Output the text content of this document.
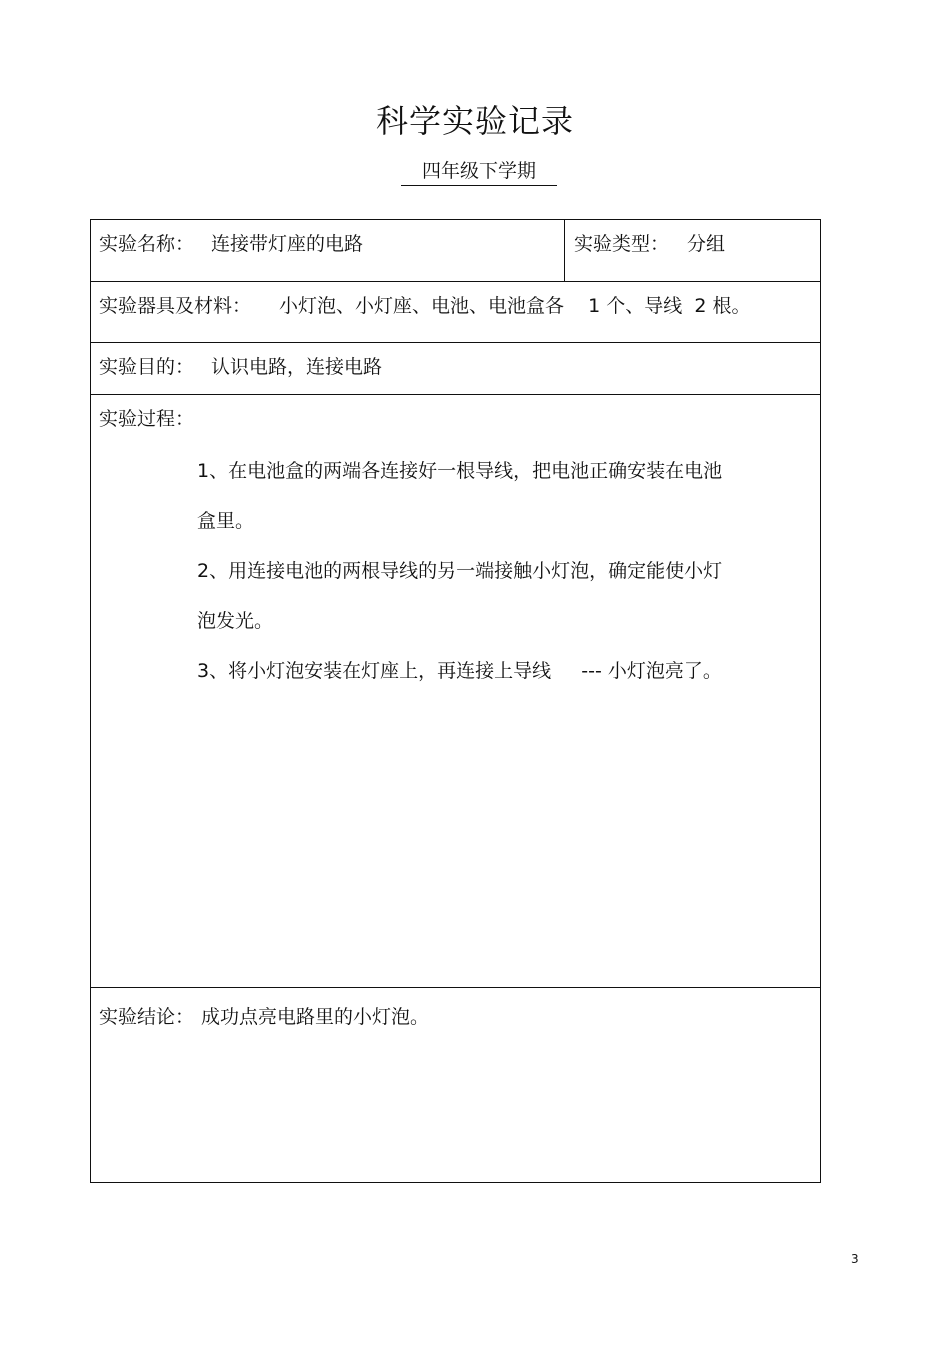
科学实验记录
四年级下学期
实验名称： 连接带灯座的电路	实验类型： 分组
实验器具及材料： 小灯泡、小灯座、电池、电池盒各    1 个、导线  2 根。
实验目的： 认识电路，连接电路
实验过程：
1、在电池盒的两端各连接好一根导线，把电池正确安装在电池
盒里。
2、用连接电池的两根导线的另一端接触小灯泡，确定能使小灯
泡发光。
3、将小灯泡安装在灯座上，再连接上导线     --- 小灯泡亮了。
实验结论： 成功点亮电路里的小灯泡。
3
